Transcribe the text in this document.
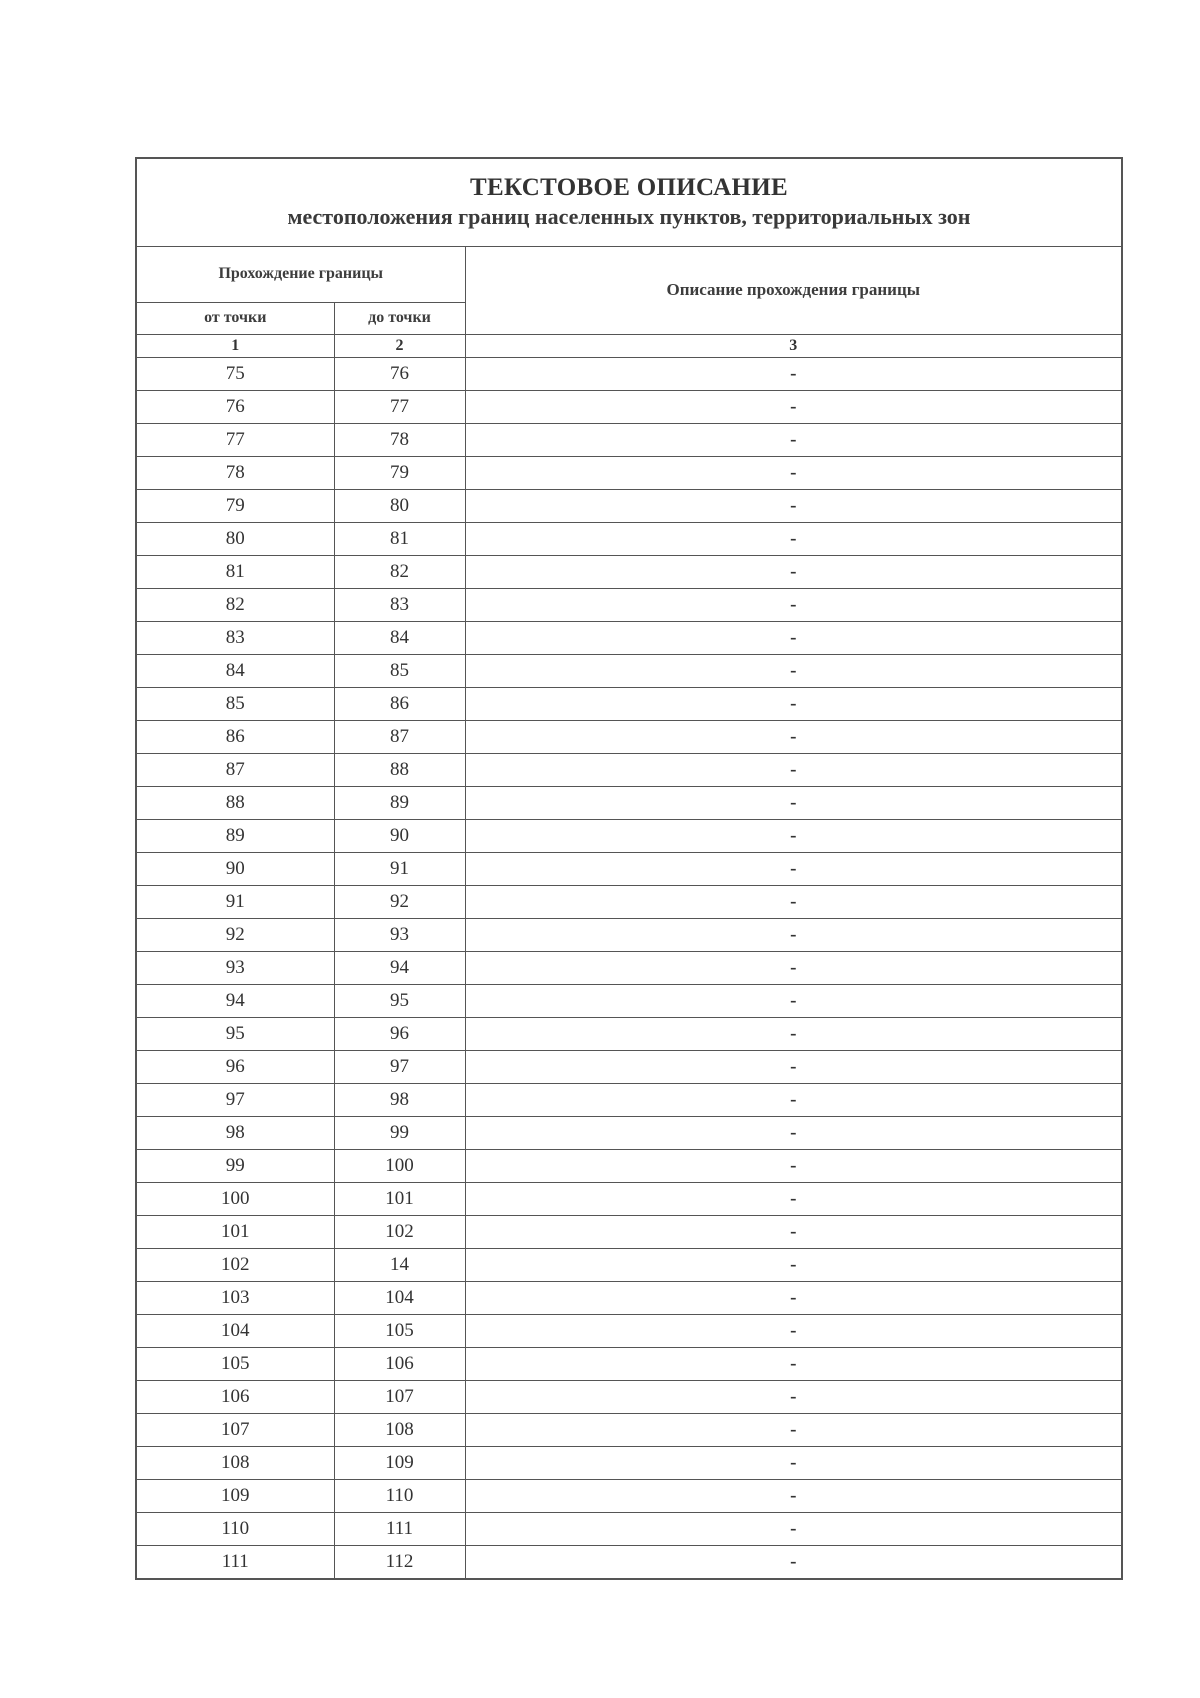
ТЕКСТОВОЕ ОПИСАНИЕ
местоположения границ населенных пунктов, территориальных зон
Прохождение границы		Описание прохождения границы
от точки	до точки	
1	2	3
75	76	-
76	77	-
77	78	-
78	79	-
79	80	-
80	81	-
81	82	-
82	83	-
83	84	-
84	85	-
85	86	-
86	87	-
87	88	-
88	89	-
89	90	-
90	91	-
91	92	-
92	93	-
93	94	-
94	95	-
95	96	-
96	97	-
97	98	-
98	99	-
99	100	-
100	101	-
101	102	-
102	14	-
103	104	-
104	105	-
105	106	-
106	107	-
107	108	-
108	109	-
109	110	-
110	111	-
111	112	-
